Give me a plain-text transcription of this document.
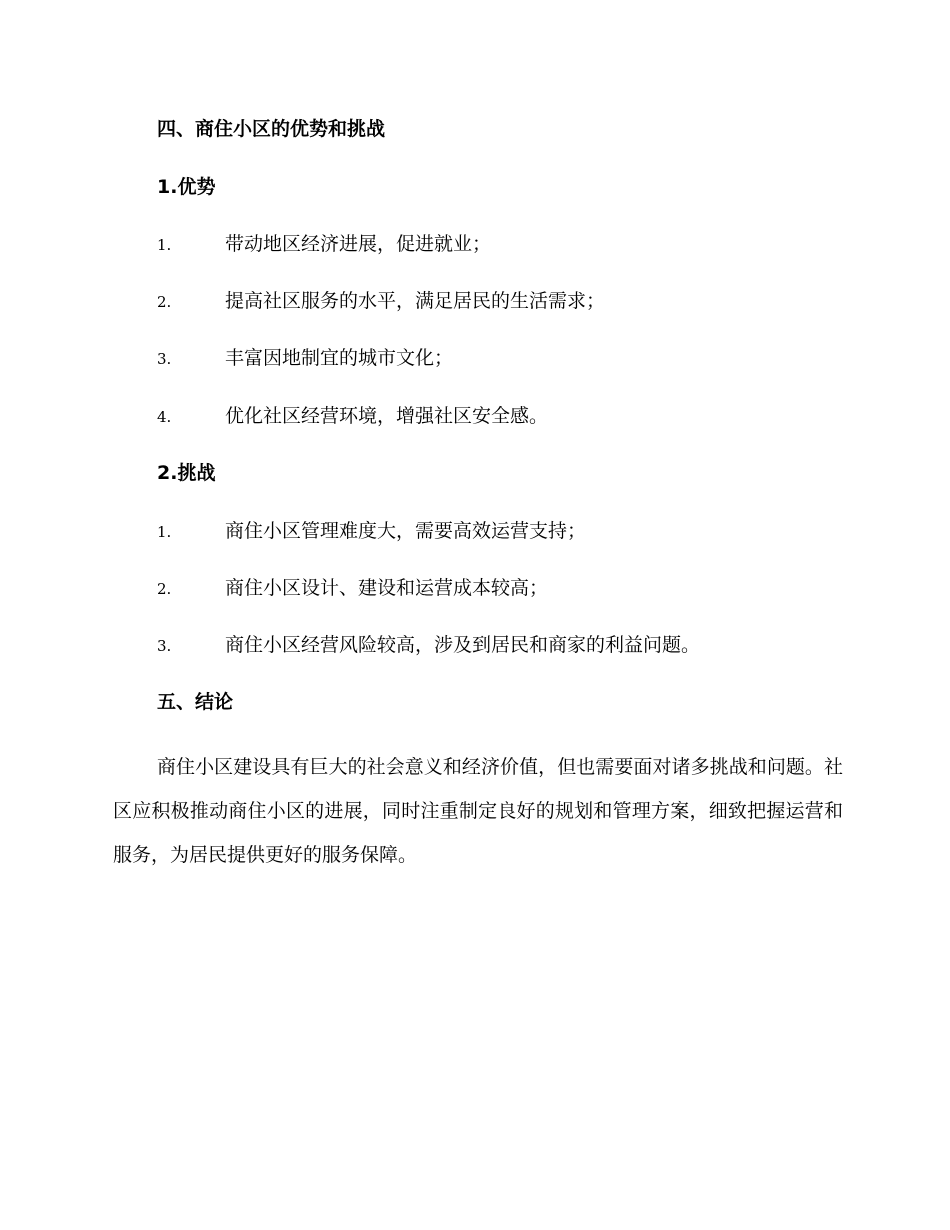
四、商住小区的优势和挑战
1.优势
1.	带动地区经济进展，促进就业；
2.	提高社区服务的水平，满足居民的生活需求；
3.	丰富因地制宜的城市文化；
4.	优化社区经营环境，增强社区安全感。
2.挑战
1.	商住小区管理难度大，需要高效运营支持；
2.	商住小区设计、建设和运营成本较高；
3.	商住小区经营风险较高，涉及到居民和商家的利益问题。
五、结论
商住小区建设具有巨大的社会意义和经济价值，但也需要面对诸多挑战和问题。社区应积极推动商住小区的进展，同时注重制定良好的规划和管理方案，细致把握运营和服务，为居民提供更好的服务保障。
